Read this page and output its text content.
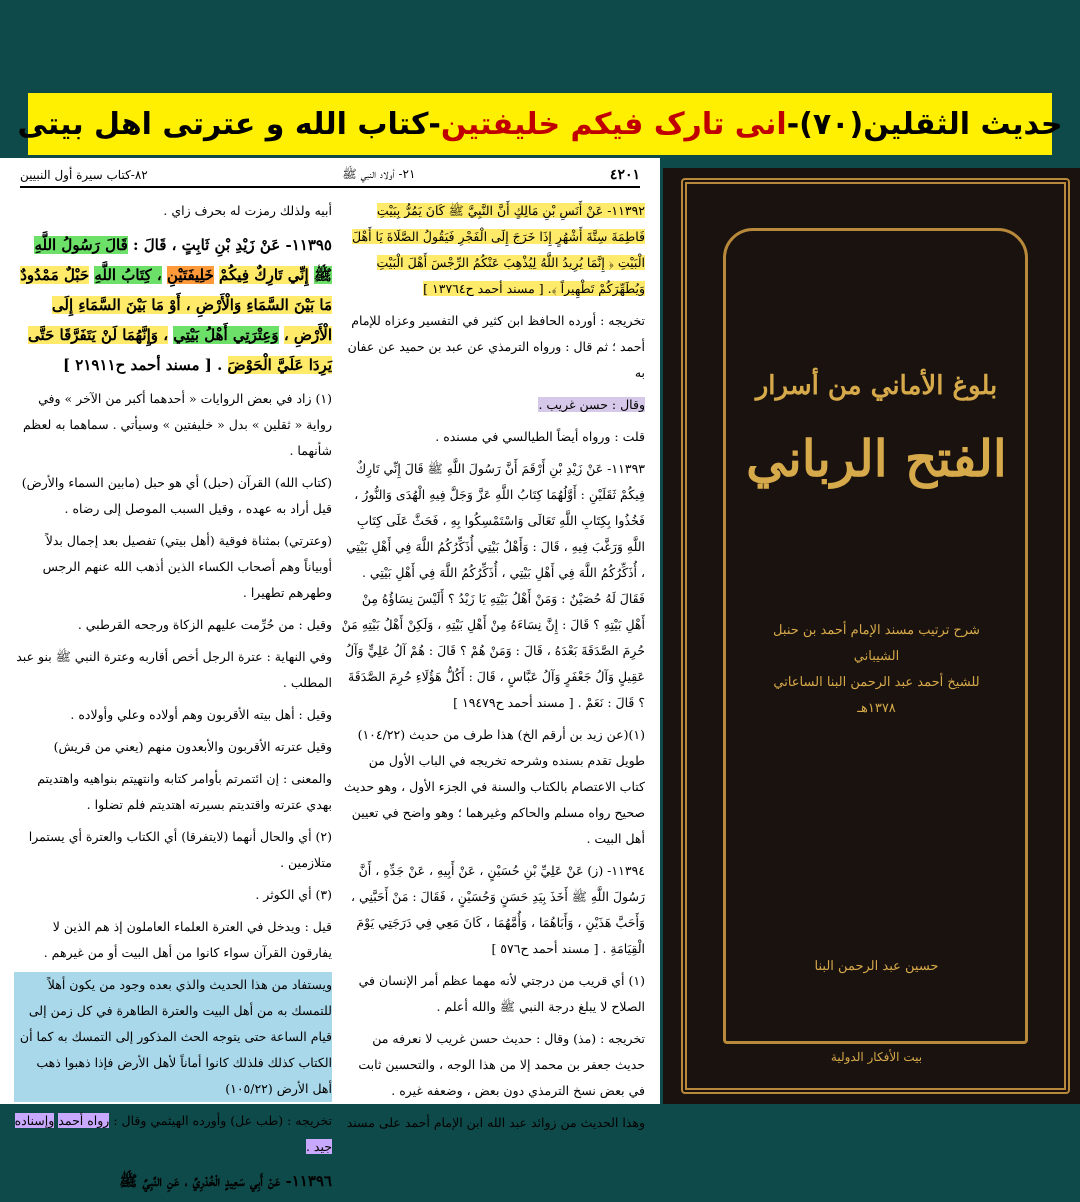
حديث الثقلين(٧٠)-
انی تارک فیکم خلیفتین
-کتاب الله و عترتی اهل بیتی
٤٢٠١
٢١- أولاد النبي ﷺ
٨٢-كتاب سيرة أول النبيين

١١٣٩٢- عَنْ أَنَسِ بْنِ مَالِكٍ أَنَّ النَّبِيَّ ﷺ كَانَ يَمُرُّ بِبَيْتِ فَاطِمَةَ سِتَّةَ أَشْهُرٍ إِذَا خَرَجَ إِلَى الْفَجْرِ فَيَقُولُ الصَّلَاةَ يَا أَهْلَ الْبَيْتِ ﴿ إِنَّمَا يُرِيدُ اللَّهُ لِيُذْهِبَ عَنْكُمُ الرِّجْسَ أَهْلَ الْبَيْتِ وَيُطَهِّرَكُمْ تَطْهِيراً ﴾. [ مسند أحمد ح١٣٧٦٤ ]

تخريجه : أورده الحافظ ابن كثير في التفسير وعزاه للإمام أحمد ؛ ثم قال : ورواه الترمذي عن عبد بن حميد عن عفان به

وقال : حسن غريب .

قلت : ورواه أيضاً الطيالسي في مسنده .

١١٣٩٣- عَنْ زَيْدِ بْنِ أَرْقَمَ أَنَّ رَسُولَ اللَّهِ ﷺ قَالَ إِنِّي تَارِكٌ فِيكُمْ ثَقَلَيْنِ : أَوَّلُهُمَا كِتَابُ اللَّهِ عَزَّ وَجَلَّ فِيهِ الْهُدَى وَالنُّورُ ، فَخُذُوا بِكِتَابِ اللَّهِ تَعَالَى وَاسْتَمْسِكُوا بِهِ ، فَحَثَّ عَلَى كِتَابِ اللَّهِ وَرَغَّبَ فِيهِ ، قَالَ : وَأَهْلُ بَيْتِي أُذَكِّرُكُمُ اللَّهَ فِي أَهْلِ بَيْتِي ، أُذَكِّرُكُمُ اللَّهَ فِي أَهْلِ بَيْتِي ، أُذَكِّرُكُمُ اللَّهَ فِي أَهْلِ بَيْتِي . فَقَالَ لَهُ حُصَيْنٌ : وَمَنْ أَهْلُ بَيْتِهِ يَا زَيْدُ ؟ أَلَيْسَ نِسَاؤُهُ مِنْ أَهْلِ بَيْتِهِ ؟ قَالَ : إِنَّ نِسَاءَهُ مِنْ أَهْلِ بَيْتِهِ ، وَلَكِنْ أَهْلُ بَيْتِهِ مَنْ حُرِمَ الصَّدَقَةَ بَعْدَهُ ، قَالَ : وَمَنْ هُمْ ؟ قَالَ : هُمْ آلُ عَلِيٍّ وَآلُ عَقِيلٍ وَآلُ جَعْفَرٍ وَآلُ عَبَّاسٍ ، قَالَ : أَكُلُّ هَؤُلَاءِ حُرِمَ الصَّدَقَةَ ؟ قَالَ : نَعَمْ . [ مسند أحمد ح١٩٤٧٩ ]

(١)(عن زيد بن أرقم الخ) هذا طرف من حديث (١٠٤/٢٢) طويل تقدم بسنده وشرحه تخريجه في الباب الأول من كتاب الاعتصام بالكتاب والسنة في الجزء الأول ، وهو حديث صحيح رواه مسلم والحاكم وغيرهما ؛ وهو واضح في تعيين أهل البيت .

١١٣٩٤- (ز) عَنْ عَلِيِّ بْنِ حُسَيْنٍ ، عَنْ أَبِيهِ ، عَنْ جَدِّهِ ، أَنَّ رَسُولَ اللَّهِ ﷺ أَخَذَ بِيَدِ حَسَنٍ وَحُسَيْنٍ ، فَقَالَ : مَنْ أَحَبَّنِي ، وَأَحَبَّ هَذَيْنِ ، وَأَبَاهُمَا ، وَأُمَّهُمَا ، كَانَ مَعِي فِي دَرَجَتِي يَوْمَ الْقِيَامَةِ . [ مسند أحمد ح٥٧٦ ]

(١) أي قريب من درجتي لأنه مهما عظم أمر الإنسان في الصلاح لا يبلغ درجة النبي ﷺ والله أعلم .

تخريجه : (مذ) وقال : حديث حسن غريب لا نعرفه من حديث جعفر بن محمد إلا من هذا الوجه ، والتحسين ثابت في بعض نسخ الترمذي دون بعض ، وضعفه غيره .

وهذا الحديث من زوائد عبد الله ابن الإمام أحمد على مسند

أبيه ولذلك رمزت له بحرف زاي .

١١٣٩٥- عَنْ زَيْدِ بْنِ ثَابِتٍ ، قَالَ : قَالَ رَسُولُ اللَّهِ ﷺ إِنِّي تَارِكٌ فِيكُمْ خَلِيفَتَيْنِ ، كِتَابُ اللَّهِ حَبْلٌ مَمْدُودٌ مَا بَيْنَ السَّمَاءِ وَالْأَرْضِ ، أَوْ مَا بَيْنَ السَّمَاءِ إِلَى الْأَرْضِ ، وَعِتْرَتِي أَهْلُ بَيْتِي ، وَإِنَّهُمَا لَنْ يَتَفَرَّقَا حَتَّى يَرِدَا عَلَيَّ الْحَوْضَ . [ مسند أحمد ح٢١٩١١ ]

(١) زاد في بعض الروايات « أحدهما أكبر من الآخر » وفي رواية « ثقلين » بدل « خليفتين » وسيأتي . سماهما به لعظم شأنهما .

(كتاب الله) القرآن (حبل) أي هو حبل (مابين السماء والأرض) قيل أراد به عهده ، وقيل السبب الموصل إلى رضاه .

(وعترتي) بمثناة فوقية (أهل بيتي) تفصيل بعد إجمال بدلاً أوبياناً وهم أصحاب الكساء الذين أذهب الله عنهم الرجس وطهرهم تطهيرا .

وقيل : من حُرِّمت عليهم الزكاة ورجحه القرطبي .

وفي النهاية : عترة الرجل أخص أقاربه وعترة النبي ﷺ بنو عبد المطلب .

وقيل : أهل بيته الأقربون وهم أولاده وعلي وأولاده .

وقيل عترته الأقربون والأبعدون منهم (يعني من قريش)

والمعنى : إن ائتمرتم بأوامر كتابه وانتهيتم بنواهيه واهتديتم بهدي عترته واقتديتم بسيرته اهتديتم فلم تضلوا .

(٢) أي والحال أنهما (لايتفرقا) أي الكتاب والعترة أي يستمرا متلازمين .

(٣) أي الكوثر .

قيل : ويدخل في العترة العلماء العاملون إذ هم الذين لا يفارقون القرآن سواء كانوا من أهل البيت أو من غيرهم .

ويستفاد من هذا الحديث والذي بعده وجود من يكون أهلاً للتمسك به من أهل البيت والعترة الطاهرة في كل زمن إلى قيام الساعة حتى يتوجه الحث المذكور إلى التمسك به كما أن الكتاب كذلك فلذلك كانوا أماناً لأهل الأرض فإذا ذهبوا ذهب أهل الأرض (١٠٥/٢٢)

تخريجه : (طب عل) وأورده الهيثمي وقال : رواه أحمد وإسناده جيد .

١١٣٩٦- عَنْ أَبِي سَعِيدٍ الْخُدْرِيِّ ، عَنِ النَّبِيِّ ﷺ

بلوغ الأماني من أسرار
الفتح الرباني
شرح ترتيب مسند الإمام أحمد بن حنبل الشيباني
للشيخ أحمد عبد الرحمن البنا الساعاتي
١٣٧٨هـ
حسين عبد الرحمن البنا
بيت الأفكار الدولية
